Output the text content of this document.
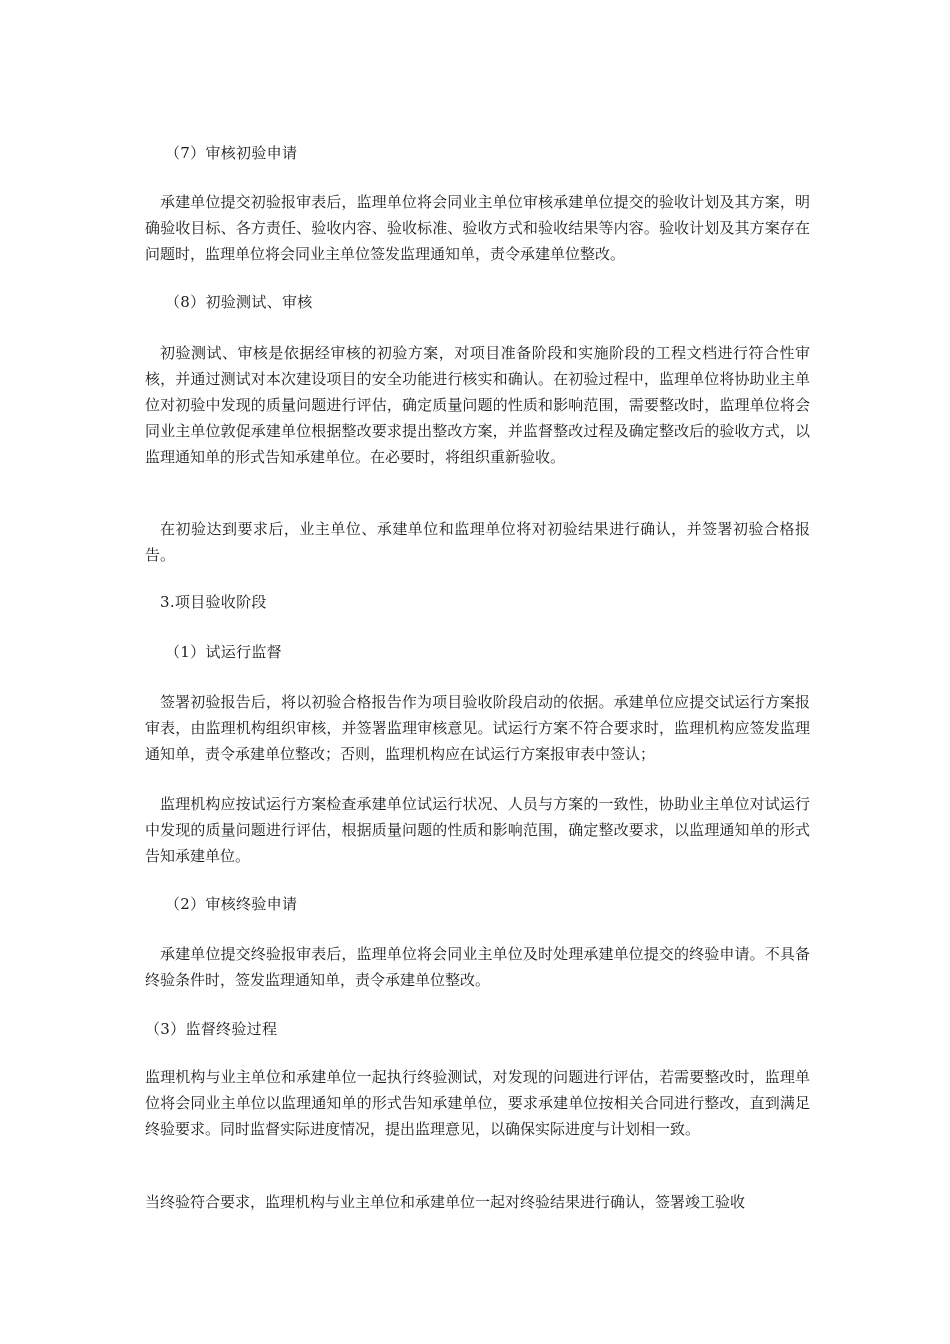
（7）审核初验申请

承建单位提交初验报审表后，监理单位将会同业主单位审核承建单位提交的验收计划及其方案，明确验收目标、各方责任、验收内容、验收标准、验收方式和验收结果等内容。验收计划及其方案存在问题时，监理单位将会同业主单位签发监理通知单，责令承建单位整改。

（8）初验测试、审核

初验测试、审核是依据经审核的初验方案，对项目准备阶段和实施阶段的工程文档进行符合性审核，并通过测试对本次建设项目的安全功能进行核实和确认。在初验过程中，监理单位将协助业主单位对初验中发现的质量问题进行评估，确定质量问题的性质和影响范围，需要整改时，监理单位将会同业主单位敦促承建单位根据整改要求提出整改方案，并监督整改过程及确定整改后的验收方式，以监理通知单的形式告知承建单位。在必要时，将组织重新验收。

在初验达到要求后，业主单位、承建单位和监理单位将对初验结果进行确认，并签署初验合格报告。

3.项目验收阶段

（1）试运行监督

签署初验报告后，将以初验合格报告作为项目验收阶段启动的依据。承建单位应提交试运行方案报审表，由监理机构组织审核，并签署监理审核意见。试运行方案不符合要求时，监理机构应签发监理通知单，责令承建单位整改；否则，监理机构应在试运行方案报审表中签认；

监理机构应按试运行方案检查承建单位试运行状况、人员与方案的一致性，协助业主单位对试运行中发现的质量问题进行评估，根据质量问题的性质和影响范围，确定整改要求，以监理通知单的形式告知承建单位。

（2）审核终验申请

承建单位提交终验报审表后，监理单位将会同业主单位及时处理承建单位提交的终验申请。不具备终验条件时，签发监理通知单，责令承建单位整改。

（3）监督终验过程

监理机构与业主单位和承建单位一起执行终验测试，对发现的问题进行评估，若需要整改时，监理单位将会同业主单位以监理通知单的形式告知承建单位，要求承建单位按相关合同进行整改，直到满足终验要求。同时监督实际进度情况，提出监理意见，以确保实际进度与计划相一致。

当终验符合要求，监理机构与业主单位和承建单位一起对终验结果进行确认，签署竣工验收
